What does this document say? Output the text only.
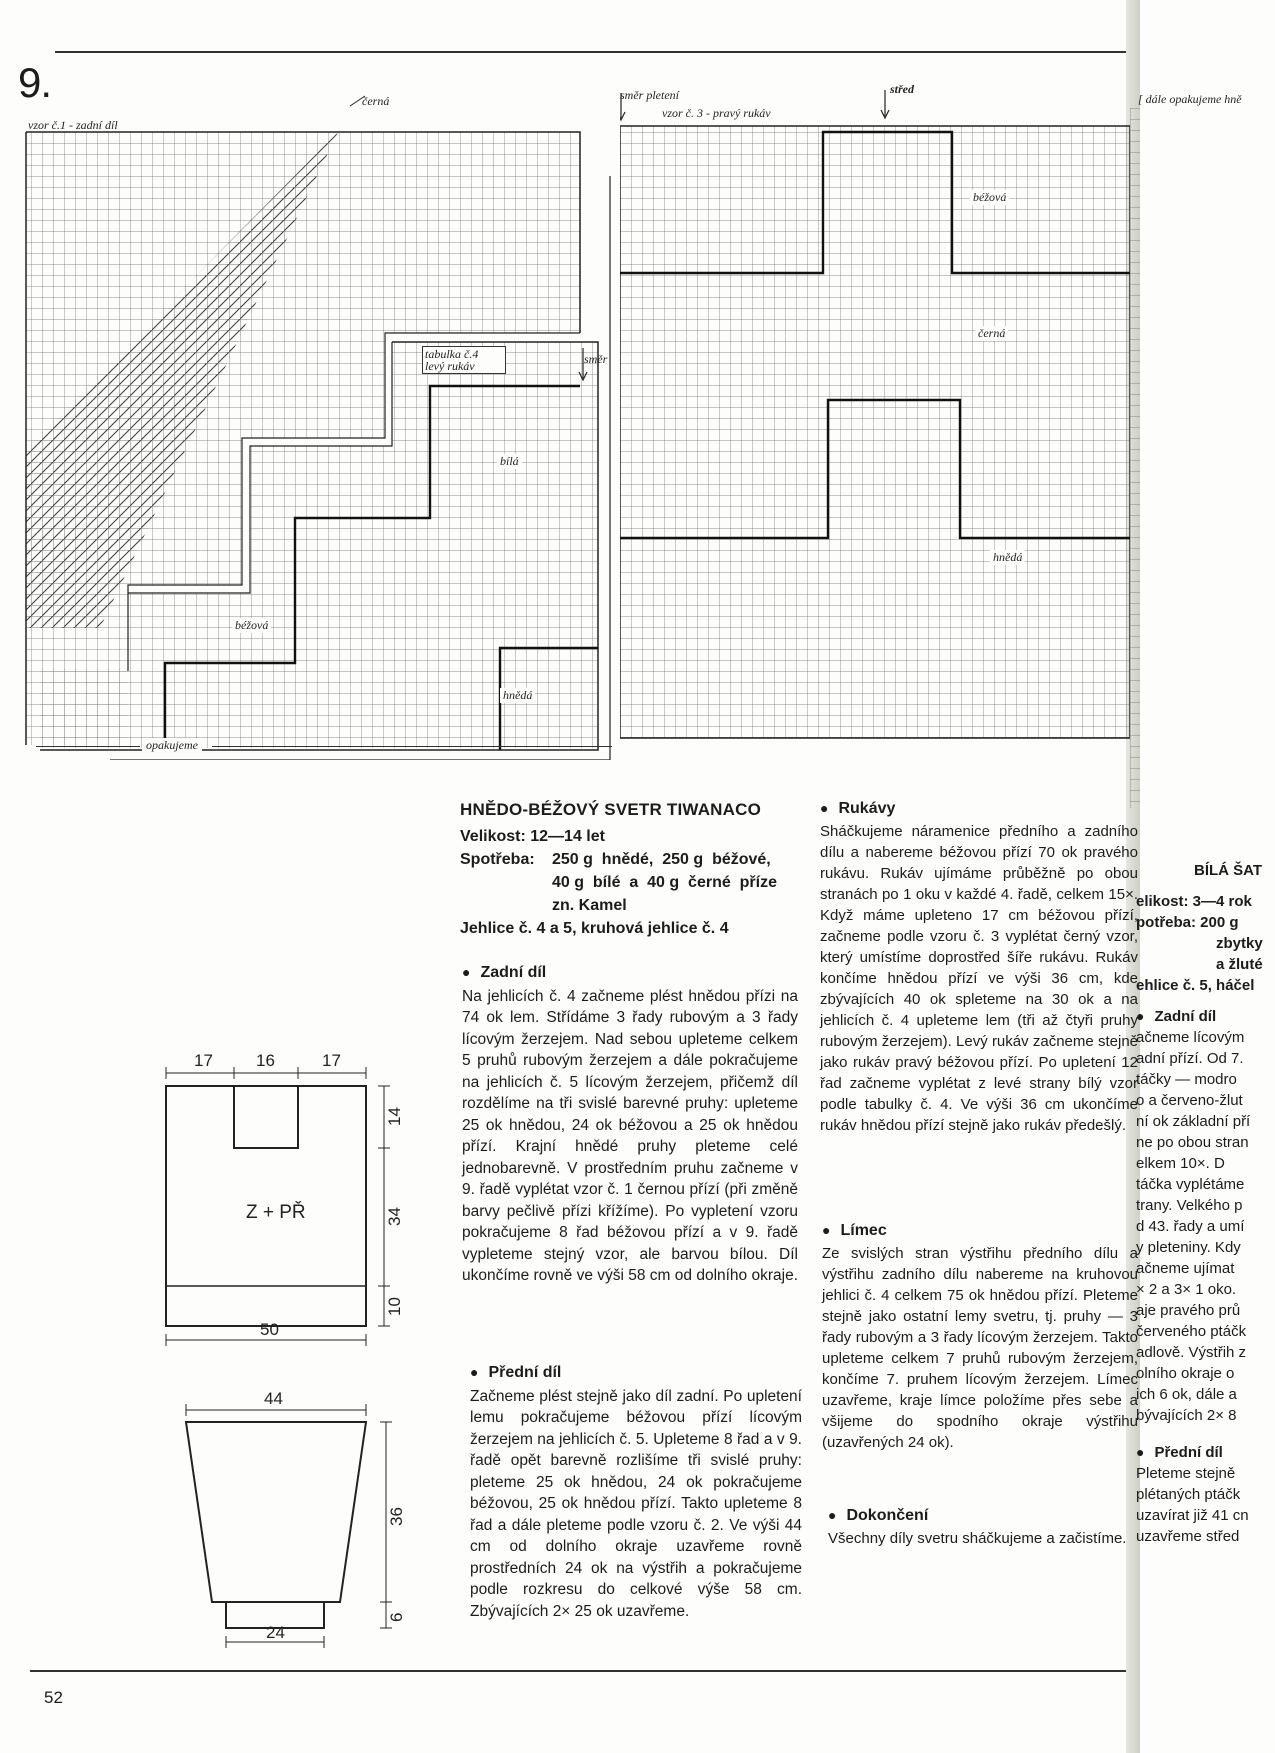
9.
vzor č.1 - zadní díl
černá	směr pletení	střed
vzor č. 3 - pravý rukáv
[ dále opakujeme hně
tabulka č.4
levý rukáv	směr
bílá
béžová
hnědá
opakujeme
béžová
černá
hnědá
HNĚDO-BÉŽOVÝ SVETR TIWANACO
Velikost: 12—14 let
Spotřeba: 250 g  hnědé,  250 g  béžové,
40 g  bílé  a  40 g  černé  příze
zn. Kamel
Jehlice č. 4 a 5, kruhová jehlice č. 4
● Zadní díl

Na jehlicích č. 4 začneme plést hnědou přízi na 74 ok lem. Střídáme 3 řady rubovým a 3 řady lícovým žerzejem. Nad sebou upleteme celkem 5 pruhů rubovým žerzejem a dále pokračujeme na jehlicích č. 5 lícovým žerzejem, přičemž díl rozdělíme na tři svislé barevné pruhy: upleteme 25 ok hnědou, 24 ok béžovou a 25 ok hnědou přízí. Krajní hnědé pruhy pleteme celé jednobarevně. V prostředním pruhu začneme v 9. řadě vyplétat vzor č. 1 černou přízí (při změně barvy pečlivě přízi křížíme). Po vypletení vzoru pokračujeme 8 řad béžovou přízí a v 9. řadě vypleteme stejný vzor, ale barvou bílou. Díl ukončíme rovně ve výši 58 cm od dolního okraje.

● Přední díl

Začneme plést stejně jako díl zadní. Po upletení lemu pokračujeme béžovou přízí lícovým žerzejem na jehlicích č. 5. Upleteme 8 řad a v 9. řadě opět barevně rozlišíme tři svislé pruhy: pleteme 25 ok hnědou, 24 ok pokračujeme béžovou, 25 ok hnědou přízí. Takto upleteme 8 řad a dále pleteme podle vzoru č. 2. Ve výši 44 cm od dolního okraje uzavřeme rovně prostředních 24 ok na výstřih a pokračujeme podle rozkresu do celkové výše 58 cm. Zbývajících 2× 25 ok uzavřeme.

● Rukávy

Sháčkujeme náramenice předního a zadního dílu a nabereme béžovou přízí 70 ok pravého rukávu. Rukáv ujímáme průběžně po obou stranách po 1 oku v každé 4. řadě, celkem 15×. Když máme upleteno 17 cm béžovou přízí, začneme podle vzoru č. 3 vyplétat černý vzor, který umístíme doprostřed šíře rukávu. Rukáv končíme hnědou přízí ve výši 36 cm, kde zbývajících 40 ok spleteme na 30 ok a na jehlicích č. 4 upleteme lem (tři až čtyři pruhy rubovým žerzejem). Levý rukáv začneme stejně jako rukáv pravý béžovou přízí. Po upletení 12 řad začneme vyplétat z levé strany bílý vzor podle tabulky č. 4. Ve výši 36 cm ukončíme rukáv hnědou přízí stejně jako rukáv předešlý.

● Límec

Ze svislých stran výstřihu předního dílu a výstřihu zadního dílu nabereme na kruhovou jehlici č. 4 celkem 75 ok hnědou přízí. Pleteme stejně jako ostatní lemy svetru, tj. pruhy — 3 řady rubovým a 3 řady lícovým žerzejem. Takto upleteme celkem 7 pruhů rubovým žerzejem, končíme 7. pruhem lícovým žerzejem. Límec uzavřeme, kraje límce položíme přes sebe a všijeme do spodního okraje výstřihu (uzavřených 24 ok).

● Dokončení

Všechny díly svetru sháčkujeme a začistíme.

BÍLÁ ŠAT
elikost: 3—4 rok
potřeba: 200 g
zbytky
a žluté
ehlice č. 5, háčel
● Zadní díl
ačneme lícovým
adní přízí. Od 7.
táčky — modro
o a červeno-žlut
ní ok základní pří
ne po obou stran
elkem 10×. D
táčka vyplétáme
trany. Velkého p
d 43. řady a umí
y pleteniny. Kdy
ačneme ujímat
× 2 a 3× 1 oko.
aje pravého prů
červeného ptáčk
adlově. Výstřih z
olního okraje o
ich 6 ok, dále a
bývajících 2× 8
● Přední díl
Pleteme stejně
plétaných ptáčk
uzavírat již 41 cn
uzavřeme střed
17	16	17
14
34
10
50
Z + PŘ
44
36
6
24
52
